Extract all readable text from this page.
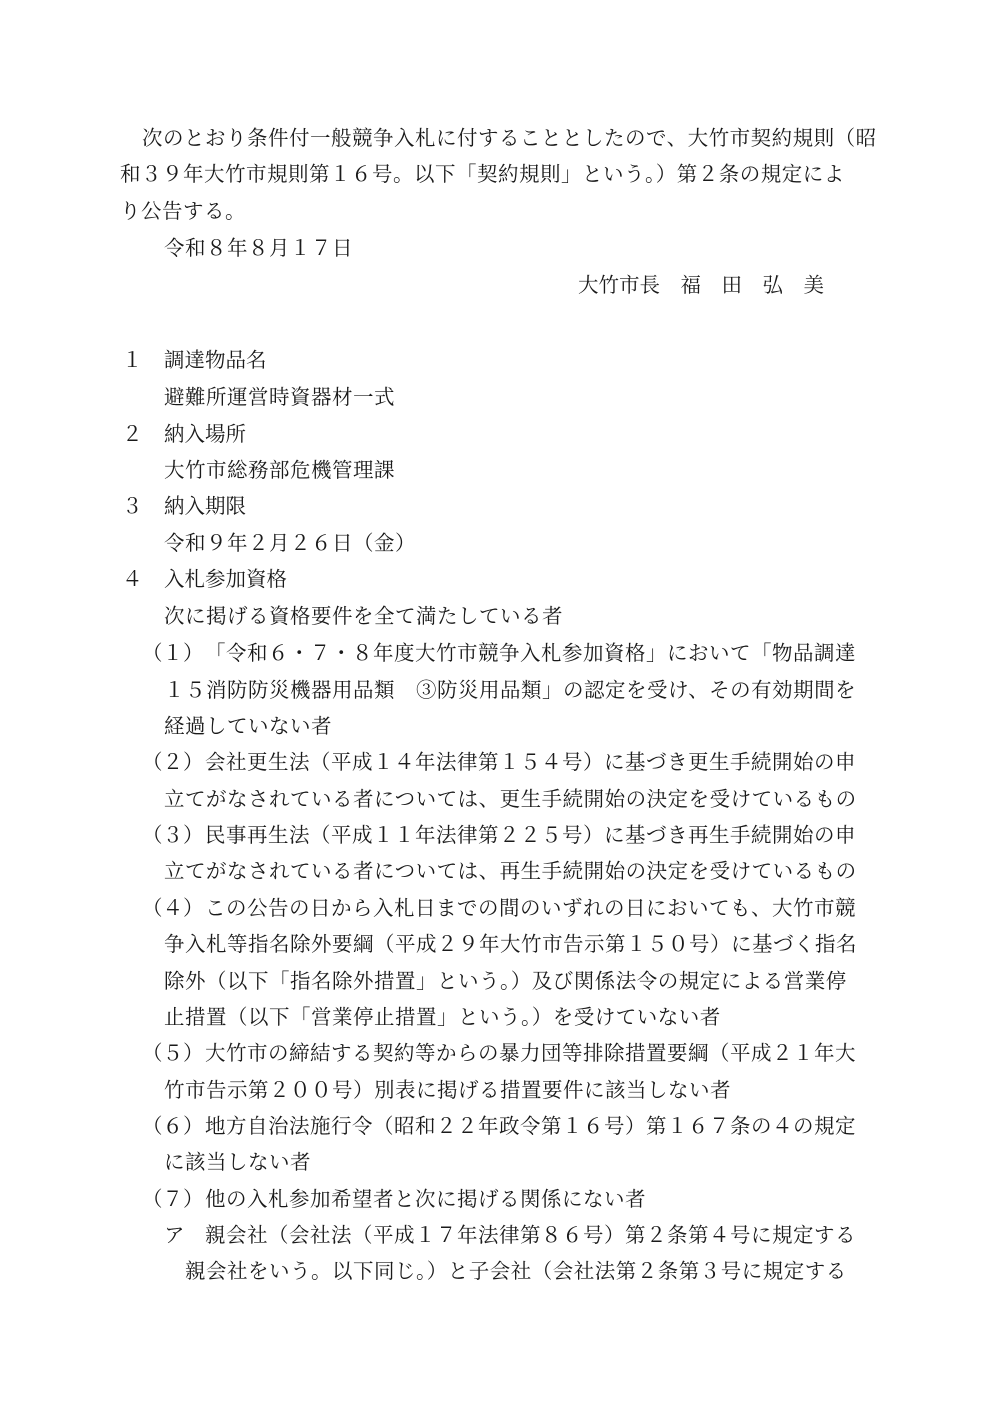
次のとおり条件付一般競争入札に付することとしたので、大竹市契約規則（昭
和３９年大竹市規則第１６号。以下「契約規則」という。）第２条の規定によ
り公告する。
令和８年８月１７日
大竹市長　福　田　弘　美
１ 調達物品名
避難所運営時資器材一式
２ 納入場所
大竹市総務部危機管理課
３ 納入期限
令和９年２月２６日（金）
４ 入札参加資格
次に掲げる資格要件を全て満たしている者
（１） 「令和６・７・８年度大竹市競争入札参加資格」において「物品調達
１５消防防災機器用品類　③防災用品類」の認定を受け、その有効期間を
経過していない者
（２） 会社更生法（平成１４年法律第１５４号）に基づき更生手続開始の申
立てがなされている者については、更生手続開始の決定を受けているもの
（３） 民事再生法（平成１１年法律第２２５号）に基づき再生手続開始の申
立てがなされている者については、再生手続開始の決定を受けているもの
（４） この公告の日から入札日までの間のいずれの日においても、大竹市競
争入札等指名除外要綱（平成２９年大竹市告示第１５０号）に基づく指名
除外（以下「指名除外措置」という。）及び関係法令の規定による営業停
止措置（以下「営業停止措置」という。）を受けていない者
（５） 大竹市の締結する契約等からの暴力団等排除措置要綱（平成２１年大
竹市告示第２００号）別表に掲げる措置要件に該当しない者
（６） 地方自治法施行令（昭和２２年政令第１６号）第１６７条の４の規定
に該当しない者
（７） 他の入札参加希望者と次に掲げる関係にない者
ア 親会社（会社法（平成１７年法律第８６号）第２条第４号に規定する
親会社をいう。以下同じ。）と子会社（会社法第２条第３号に規定する
